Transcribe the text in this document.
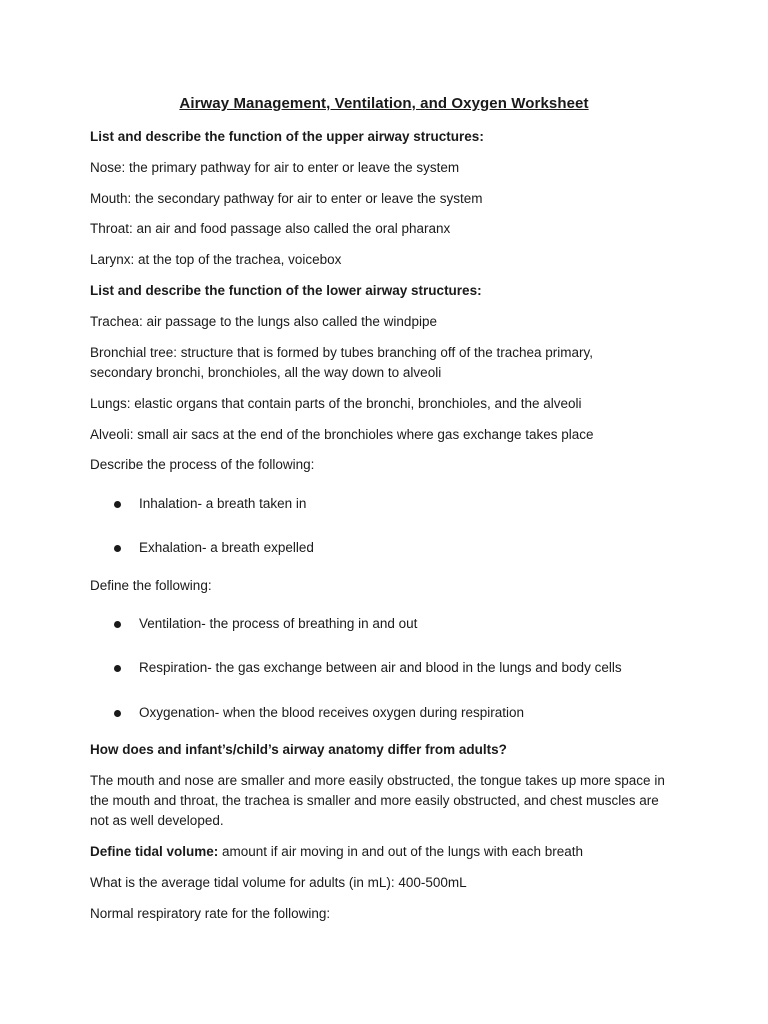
Airway Management, Ventilation, and Oxygen Worksheet

List and describe the function of the upper airway structures:

Nose: the primary pathway for air to enter or leave the system

Mouth: the secondary pathway for air to enter or leave the system

Throat: an air and food passage also called the oral pharanx

Larynx: at the top of the trachea, voicebox

List and describe the function of the lower airway structures:

Trachea: air passage to the lungs also called the windpipe

Bronchial tree: structure that is formed by tubes branching off of the trachea primary,

secondary bronchi, bronchioles, all the way down to alveoli

Lungs: elastic organs that contain parts of the bronchi, bronchioles, and the alveoli

Alveoli: small air sacs at the end of the bronchioles where gas exchange takes place

Describe the process of the following:

Inhalation- a breath taken in
Exhalation- a breath expelled

Define the following:

Ventilation- the process of breathing in and out
Respiration- the gas exchange between air and blood in the lungs and body cells
Oxygenation- when the blood receives oxygen during respiration

How does and infant’s/child’s airway anatomy differ from adults?

The mouth and nose are smaller and more easily obstructed, the tongue takes up more space in

the mouth and throat, the trachea is smaller and more easily obstructed, and chest muscles are

not as well developed.

Define tidal volume: amount if air moving in and out of the lungs with each breath

What is the average tidal volume for adults (in mL): 400-500mL

Normal respiratory rate for the following:
